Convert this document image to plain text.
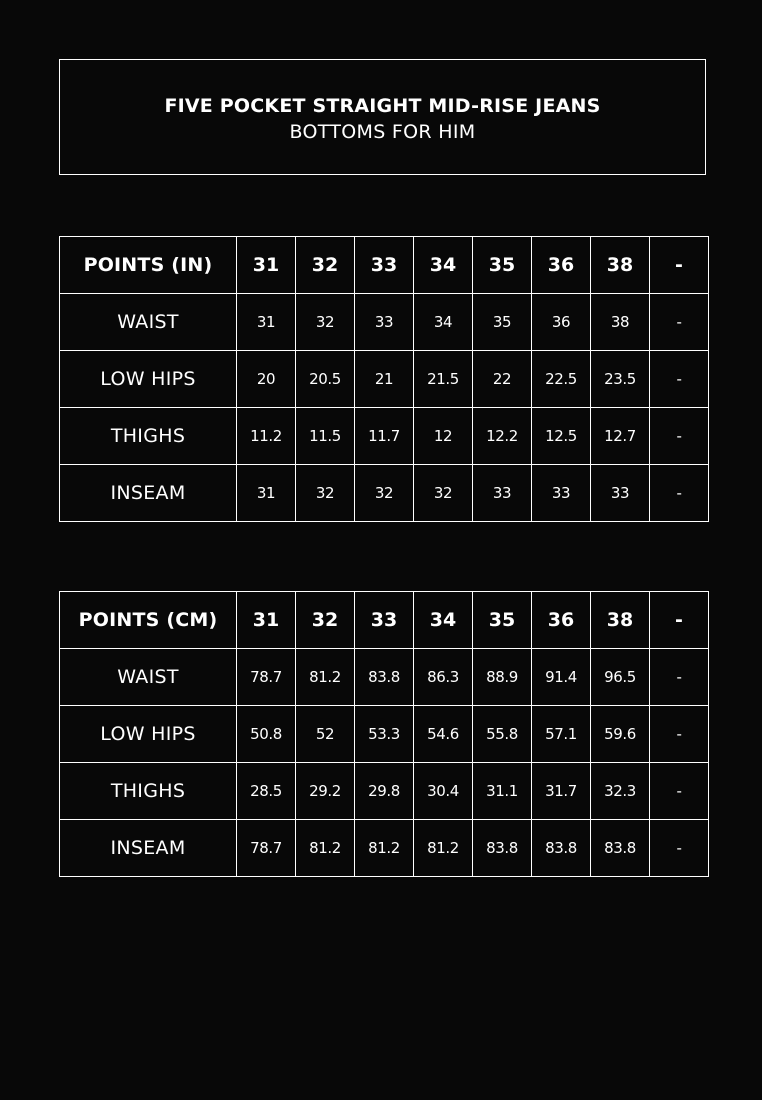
FIVE POCKET STRAIGHT MID-RISE JEANS
BOTTOMS FOR HIM
POINTS (IN)	31	32	33	34	35	36	38	-
WAIST	31	32	33	34	35	36	38	-
LOW HIPS	20	20.5	21	21.5	22	22.5	23.5	-
THIGHS	11.2	11.5	11.7	12	12.2	12.5	12.7	-
INSEAM	31	32	32	32	33	33	33	-
POINTS (CM)	31	32	33	34	35	36	38	-
WAIST	78.7	81.2	83.8	86.3	88.9	91.4	96.5	-
LOW HIPS	50.8	52	53.3	54.6	55.8	57.1	59.6	-
THIGHS	28.5	29.2	29.8	30.4	31.1	31.7	32.3	-
INSEAM	78.7	81.2	81.2	81.2	83.8	83.8	83.8	-
